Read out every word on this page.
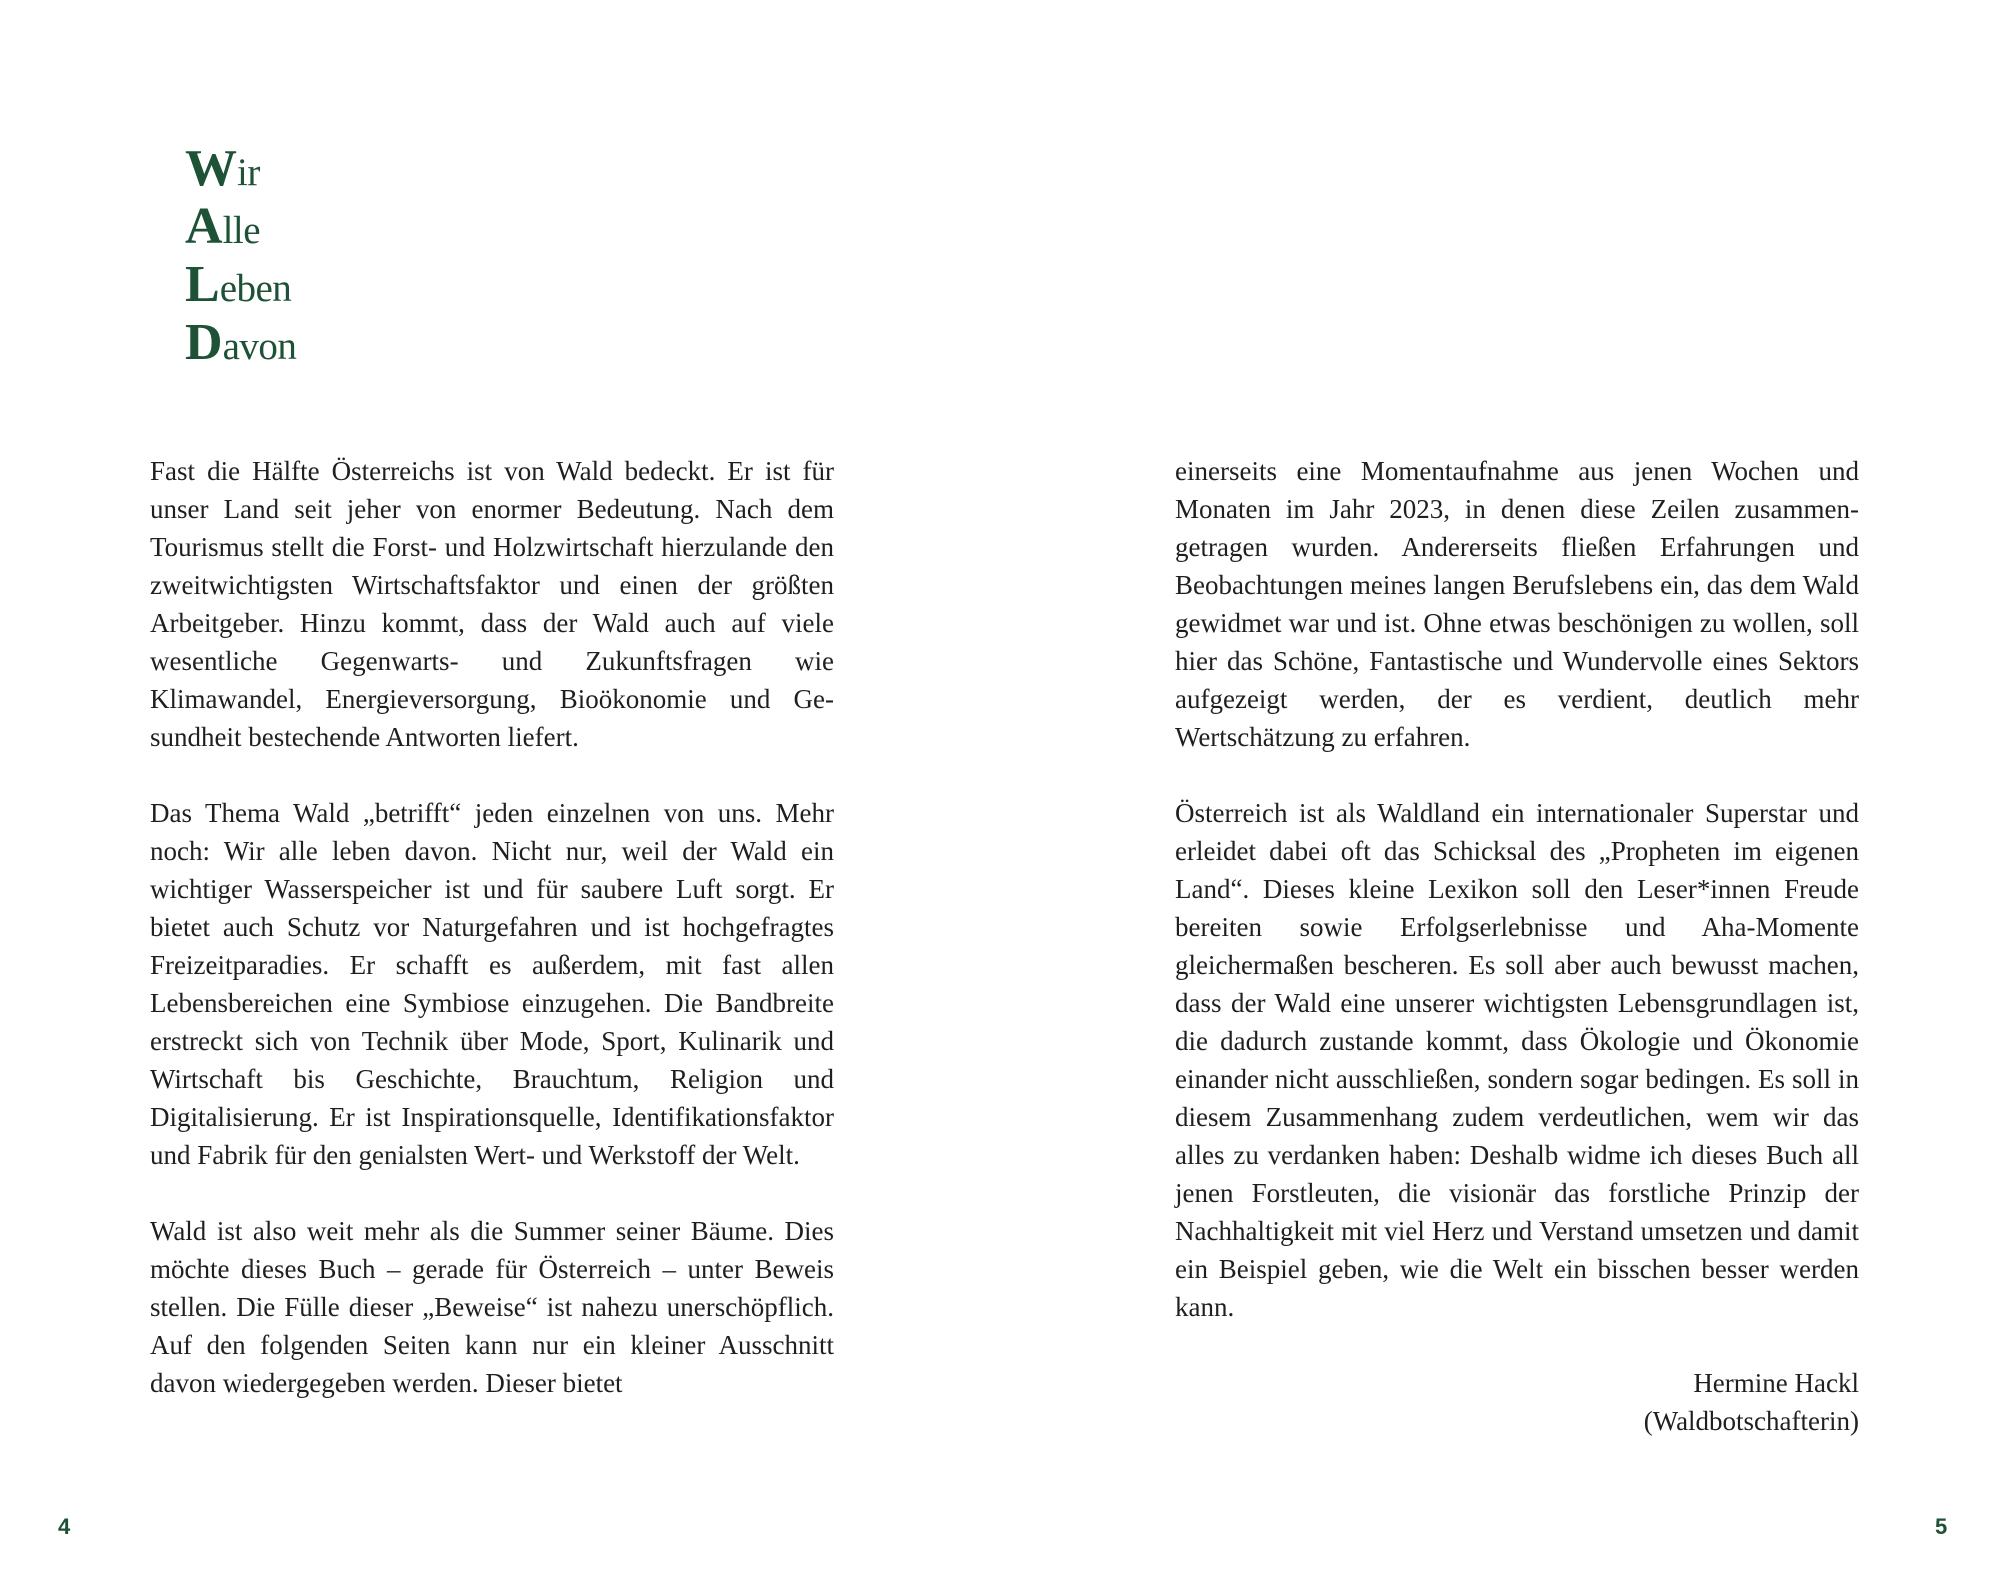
Wir
Alle
Leben
Davon

Fast die Hälfte Österreichs ist von Wald bedeckt. Er ist für unser Land seit jeher von enormer Bedeutung. Nach dem Tourismus stellt die Forst- und Holzwirtschaft hierzulande den zweitwichtigsten Wirtschaftsfaktor und einen der größten Arbeitgeber. Hinzu kommt, dass der Wald auch auf viele wesentliche Gegenwarts- und Zukunftsfragen wie Klimawandel, Energieversorgung, Bioökonomie und Gesundheit bestechende Antworten liefert.

Das Thema Wald „betrifft“ jeden einzelnen von uns. Mehr noch: Wir alle leben davon. Nicht nur, weil der Wald ein wichtiger Wasserspeicher ist und für saubere Luft sorgt. Er bietet auch Schutz vor Naturgefahren und ist hochgefragtes Freizeitparadies. Er schafft es außerdem, mit fast allen Lebensbereichen eine Symbiose einzugehen. Die Bandbreite erstreckt sich von Technik über Mode, Sport, Kulinarik und Wirtschaft bis Geschichte, Brauchtum, Religion und Digitalisierung. Er ist Inspirationsquelle, Identifikationsfaktor und Fabrik für den genialsten Wert- und Werkstoff der Welt.

Wald ist also weit mehr als die Summer seiner Bäume. Dies möchte dieses Buch – gerade für Österreich – unter Beweis stellen. Die Fülle dieser „Beweise“ ist nahezu unerschöpflich. Auf den folgenden Seiten kann nur ein kleiner Ausschnitt davon wiedergegeben werden. Dieser bietet

einerseits eine Momentaufnahme aus jenen Wochen und Monaten im Jahr 2023, in denen diese Zeilen zusammengetragen wurden. Andererseits fließen Erfahrungen und Beobachtungen meines langen Berufslebens ein, das dem Wald gewidmet war und ist. Ohne etwas beschönigen zu wollen, soll hier das Schöne, Fantastische und Wundervolle eines Sektors aufgezeigt werden, der es verdient, deutlich mehr Wertschätzung zu erfahren.

Österreich ist als Waldland ein internationaler Superstar und erleidet dabei oft das Schicksal des „Propheten im eigenen Land“. Dieses kleine Lexikon soll den Leser*innen Freude bereiten sowie Erfolgserlebnisse und Aha-Momente gleichermaßen bescheren. Es soll aber auch bewusst machen, dass der Wald eine unserer wichtigsten Lebensgrundlagen ist, die dadurch zustande kommt, dass Ökologie und Ökonomie einander nicht ausschließen, sondern sogar bedingen. Es soll in diesem Zusammenhang zudem verdeutlichen, wem wir das alles zu verdanken haben: Deshalb widme ich dieses Buch all jenen Forstleuten, die visionär das forstliche Prinzip der Nachhaltigkeit mit viel Herz und Verstand umsetzen und damit ein Beispiel geben, wie die Welt ein bisschen besser werden kann.

Hermine Hackl
(Waldbotschafterin)
4	5
